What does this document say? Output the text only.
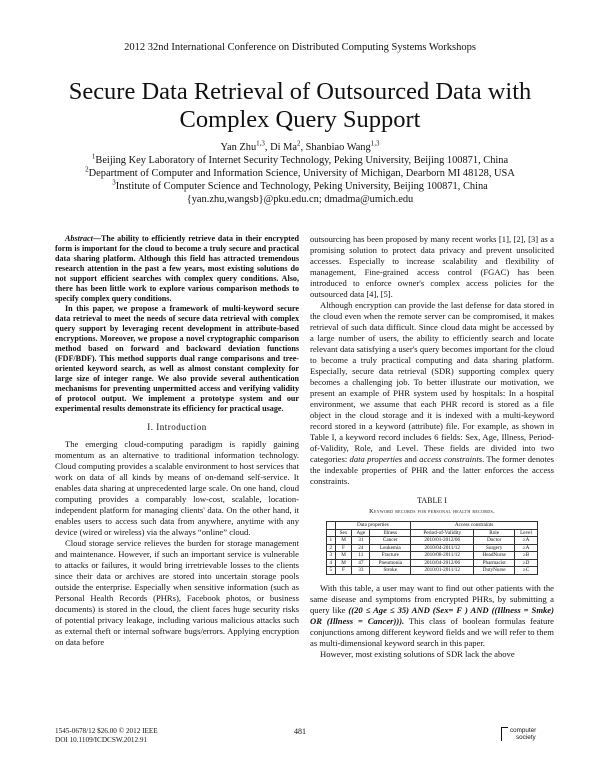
2012 32nd International Conference on Distributed Computing Systems Workshops
Secure Data Retrieval of Outsourced Data with
Complex Query Support
Yan Zhu$^{1,3}$, Di Ma$^2$, Shanbiao Wang$^{1,3}$
$^1$Beijing Key Laboratory of Internet Security Technology, Peking University, Beijing 100871, China
$^2$Department of Computer and Information Science, University of Michigan, Dearborn MI 48128, USA
$^3$Institute of Computer Science and Technology, Peking University, Beijing 100871, China
{yan.zhu,wangsb}@pku.edu.cn; dmadma@umich.edu

Abstract—The ability to efficiently retrieve data in their encrypted form is important for the cloud to become a truly secure and practical data sharing platform. Although this field has attracted tremendous research attention in the past a few years, most existing solutions do not support efficient searches with complex query conditions. Also, there has been little work to explore various comparison methods to specify complex query conditions.

In this paper, we propose a framework of multi-keyword secure data retrieval to meet the needs of secure data retrieval with complex query support by leveraging recent development in attribute-based encryptions. Moreover, we propose a novel cryptographic comparison method based on forward and backward deviation functions (FDF/BDF). This method supports dual range comparisons and tree-oriented keyword search, as well as almost constant complexity for large size of integer range. We also provide several authentication mechanisms for preventing unpermitted access and verifying validity of protocol output. We implement a prototype system and our experimental results demonstrate its efficiency for practical usage.

I. Introduction

The emerging cloud-computing paradigm is rapidly gaining momentum as an alternative to traditional information technology. Cloud computing provides a scalable environment to host services that work on data of all kinds by means of on-demand self-service. It enables data sharing at unprecedented large scale. On one hand, cloud computing provides a comparably low-cost, scalable, location-independent platform for managing clients' data. On the other hand, it enables users to access such data from anywhere, anytime with any device (wired or wireless) via the always “online” cloud.

Cloud storage service relieves the burden for storage management and maintenance. However, if such an important service is vulnerable to attacks or failures, it would bring irretrievable losses to the clients since their data or archives are stored into uncertain storage pools outside the enterprise. Especially when sensitive information (such as Personal Health Records (PHRs), Facebook photos, or business documents) is stored in the cloud, the client faces huge security risks of potential privacy leakage, including various malicious attacks such as external theft or internal software bugs/errors. Applying encryption on data before

outsourcing has been proposed by many recent works [1], [2], [3] as a promising solution to protect data privacy and prevent unsolicited accesses. Especially to increase scalability and flexibility of management, Fine-grained access control (FGAC) has been introduced to enforce owner's complex access policies for the outsourced data [4], [5].

Although encryption can provide the last defense for data stored in the cloud even when the remote server can be compromised, it makes retrieval of such data difficult. Since cloud data might be accessed by a large number of users, the ability to efficiently search and locate relevant data satisfying a user's query becomes important for the cloud to become a truly practical computing and data sharing platform. Especially, secure data retrieval (SDR) supporting complex query becomes a challenging job. To better illustrate our motivation, we present an example of PHR system used by hospitals: In a hospital environment, we assume that each PHR record is stored as a file object in the cloud storage and it is indexed with a multi-keyword record stored in a keyword (attribute) file. For example, as shown in Table I, a keyword record includes 6 fields: Sex, Age, Illness, Period-of-Validity, Role, and Level. These fields are divided into two categories: data properties and access constraints. The former denotes the indexable properties of PHR and the latter enforces the access constraints.

TABLE I

Keyword records for personal health records.

	Data properties			Access constraints		
	Sex	Age	Illness	Period-of-Validity	Role	Level
1	M	31	Cancer	2010/01-2012/06	Doctor	≥A
2	F	24	Leukemia	2010/04-2011/12	Surgery	≥A
3	M	11	Fracture	2010/08-2011/12	HeadNurse	≥B
4	M	47	Pneumonia	2010/04-2012/06	Pharmacist	≥D
5	F	33	Stroke	2010/01-2011/12	DutyNurse	≥C

With this table, a user may want to find out other patients with the same disease and symptoms from encrypted PHRs, by submitting a query like ((20 ≤ Age ≤ 35) AND (Sex= F ) AND ((Illness = Smke) OR (Illness = Cancer))). This class of boolean formulas feature conjunctions among different keyword fields and we will refer to them as multi-dimensional keyword search in this paper.

However, most existing solutions of SDR lack the above

1545-0678/12 $26.00 © 2012 IEEE
DOI 10.1109/ICDCSW.2012.91
481	computer
society
